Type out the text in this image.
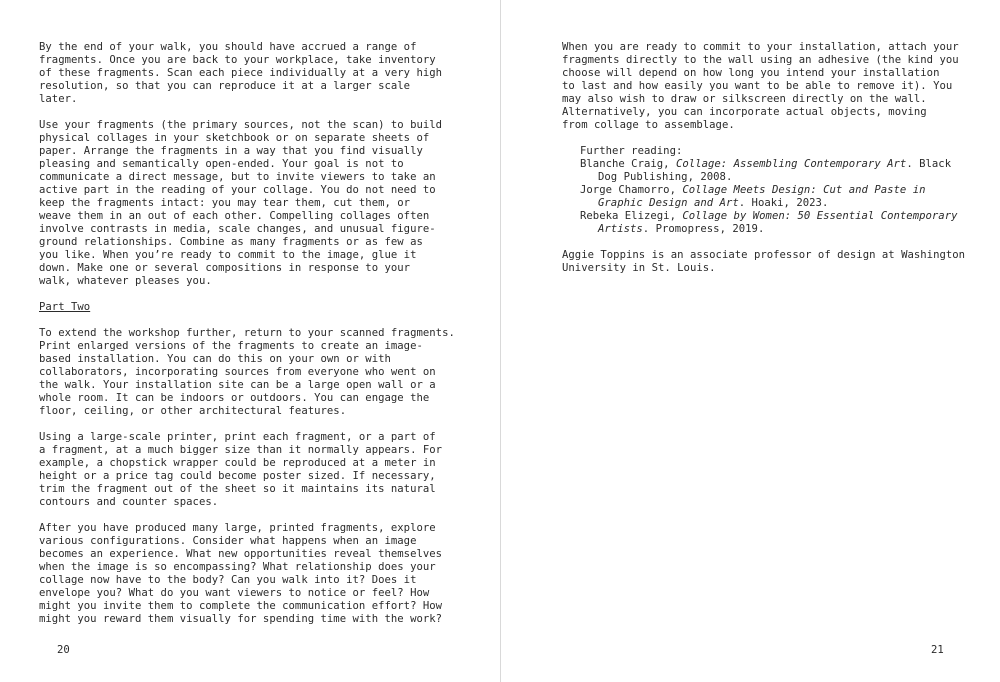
By the end of your walk, you should have accrued a range of
fragments. Once you are back to your workplace, take inventory
of these fragments. Scan each piece individually at a very high
resolution, so that you can reproduce it at a larger scale
later.

Use your fragments (the primary sources, not the scan) to build
physical collages in your sketchbook or on separate sheets of
paper. Arrange the fragments in a way that you find visually
pleasing and semantically open-ended. Your goal is not to
communicate a direct message, but to invite viewers to take an
active part in the reading of your collage. You do not need to
keep the fragments intact: you may tear them, cut them, or
weave them in an out of each other. Compelling collages often
involve contrasts in media, scale changes, and unusual figure-
ground relationships. Combine as many fragments or as few as
you like. When you’re ready to commit to the image, glue it
down. Make one or several compositions in response to your
walk, whatever pleases you.

Part Two

To extend the workshop further, return to your scanned fragments.
Print enlarged versions of the fragments to create an image-
based installation. You can do this on your own or with
collaborators, incorporating sources from everyone who went on
the walk. Your installation site can be a large open wall or a
whole room. It can be indoors or outdoors. You can engage the
floor, ceiling, or other architectural features.

Using a large-scale printer, print each fragment, or a part of
a fragment, at a much bigger size than it normally appears. For
example, a chopstick wrapper could be reproduced at a meter in
height or a price tag could become poster sized. If necessary,
trim the fragment out of the sheet so it maintains its natural
contours and counter spaces.

After you have produced many large, printed fragments, explore
various configurations. Consider what happens when an image
becomes an experience. What new opportunities reveal themselves
when the image is so encompassing? What relationship does your
collage now have to the body? Can you walk into it? Does it
envelope you? What do you want viewers to notice or feel? How
might you invite them to complete the communication effort? How
might you reward them visually for spending time with the work?

20

When you are ready to commit to your installation, attach your
fragments directly to the wall using an adhesive (the kind you
choose will depend on how long you intend your installation
to last and how easily you want to be able to remove it). You
may also wish to draw or silkscreen directly on the wall.
Alternatively, you can incorporate actual objects, moving
from collage to assemblage.

Further reading:

Blanche Craig, Collage: Assembling Contemporary Art. Black
Dog Publishing, 2008.

Jorge Chamorro, Collage Meets Design: Cut and Paste in
Graphic Design and Art. Hoaki, 2023.

Rebeka Elizegi, Collage by Women: 50 Essential Contemporary
Artists. Promopress, 2019.

Aggie Toppins is an associate professor of design at Washington
University in St. Louis.

21
